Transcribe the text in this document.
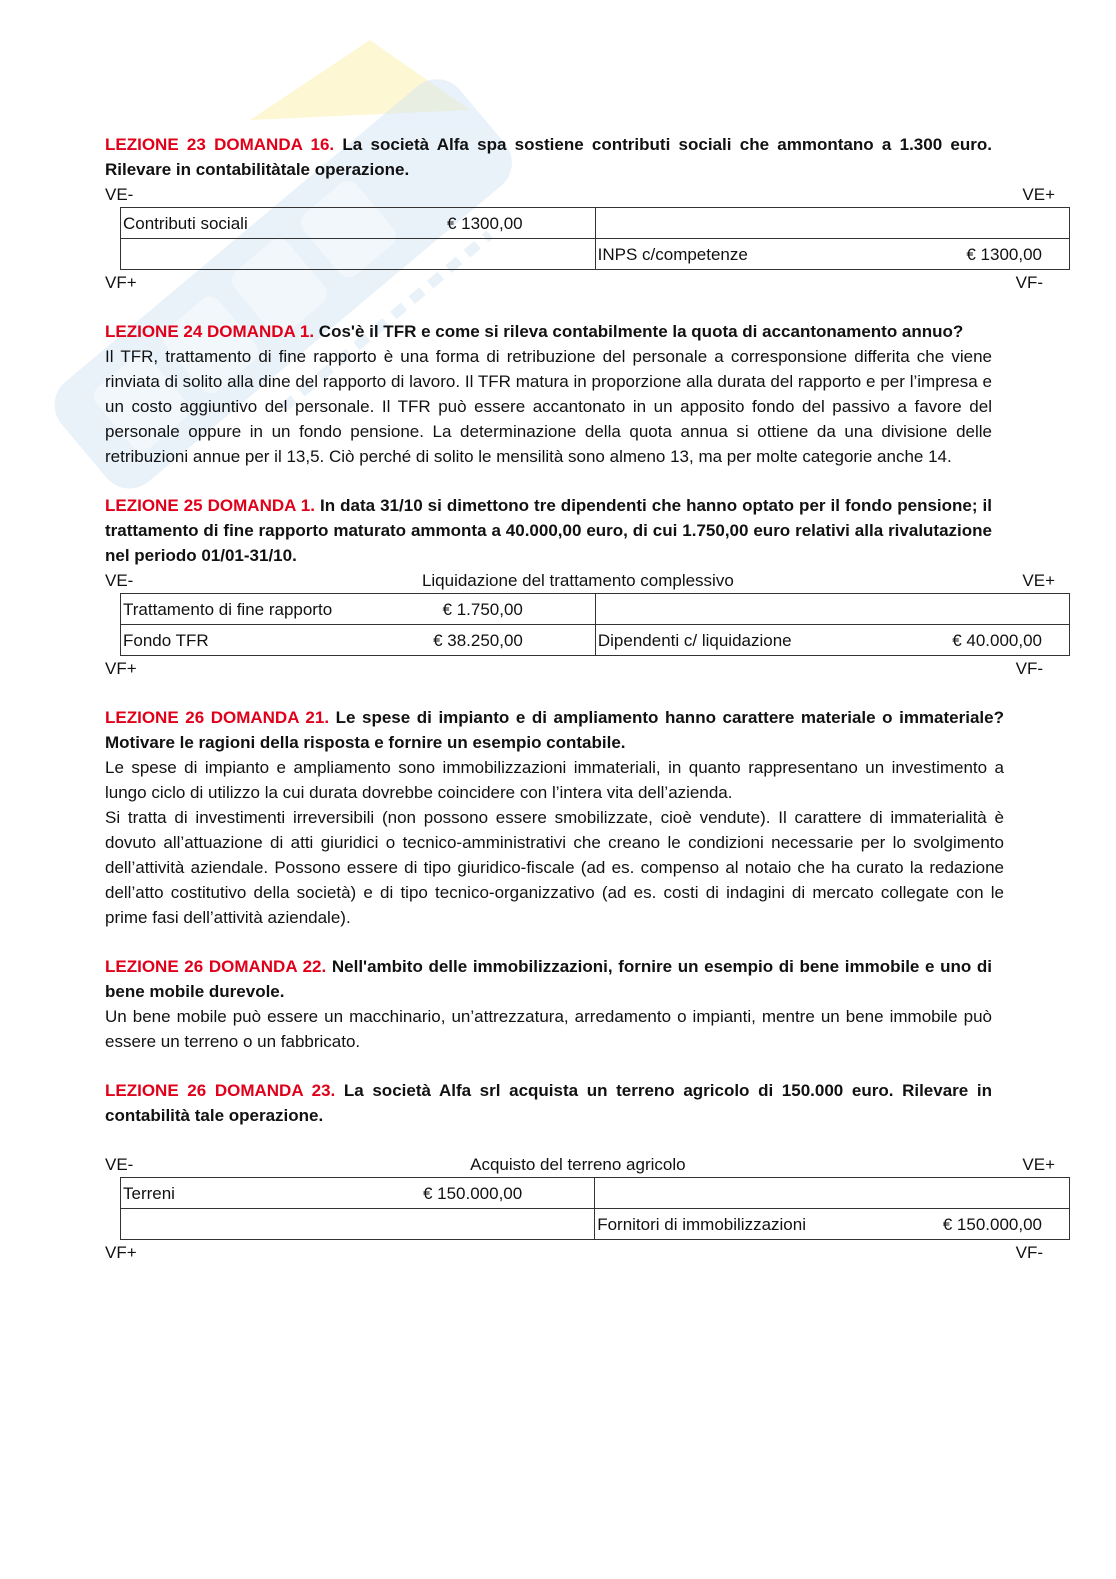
LEZIONE 23 DOMANDA 16. La società Alfa spa sostiene contributi sociali che ammontano a 1.300 euro. Rilevare in contabilitàtale operazione.

VE-	VE+
Contributi sociali € 1300,00	

	INPS c/competenze € 1300,00
VF+	VF-

LEZIONE 24 DOMANDA 1. Cos'è il TFR e come si rileva contabilmente la quota di accantonamento annuo?

Il TFR, trattamento di fine rapporto è una forma di retribuzione del personale a corresponsione differita che viene rinviata di solito alla dine del rapporto di lavoro. Il TFR matura in proporzione alla durata del rapporto e per l’impresa e un costo aggiuntivo del personale. Il TFR può essere accantonato in un apposito fondo del passivo a favore del personale oppure in un fondo pensione. La determinazione della quota annua si ottiene da una divisione delle retribuzioni annue per il 13,5. Ciò perché di solito le mensilità sono almeno 13, ma per molte categorie anche 14.

LEZIONE 25 DOMANDA 1. In data 31/10 si dimettono tre dipendenti che hanno optato per il fondo pensione; il trattamento di fine rapporto maturato ammonta a 40.000,00 euro, di cui 1.750,00 euro relativi alla rivalutazione nel periodo 01/01-31/10.

VE-	Liquidazione del trattamento complessivo	VE+
Trattamento di fine rapporto € 1.750,00	

Fondo TFR € 38.250,00	Dipendenti c/ liquidazione € 40.000,00
VF+	VF-

LEZIONE 26 DOMANDA 21. Le spese di impianto e di ampliamento hanno carattere materiale o immateriale? Motivare le ragioni della risposta e fornire un esempio contabile.

Le spese di impianto e ampliamento sono immobilizzazioni immateriali, in quanto rappresentano un investimento a lungo ciclo di utilizzo la cui durata dovrebbe coincidere con l’intera vita dell’azienda.

Si tratta di investimenti irreversibili (non possono essere smobilizzate, cioè vendute). Il carattere di immaterialità è dovuto all’attuazione di atti giuridici o tecnico-amministrativi che creano le condizioni necessarie per lo svolgimento dell’attività aziendale. Possono essere di tipo giuridico-fiscale (ad es. compenso al notaio che ha curato la redazione dell’atto costitutivo della società) e di tipo tecnico-organizzativo (ad es. costi di indagini di mercato collegate con le prime fasi dell’attività aziendale).

LEZIONE 26 DOMANDA 22. Nell'ambito delle immobilizzazioni, fornire un esempio di bene immobile e uno di bene mobile durevole.

Un bene mobile può essere un macchinario, un’attrezzatura, arredamento o impianti, mentre un bene immobile può essere un terreno o un fabbricato.

LEZIONE 26 DOMANDA 23. La società Alfa srl acquista un terreno agricolo di 150.000 euro. Rilevare in contabilità tale operazione.

VE-	Acquisto del terreno agricolo	VE+
Terreni € 150.000,00	

	Fornitori di immobilizzazioni € 150.000,00
VF+	VF-
